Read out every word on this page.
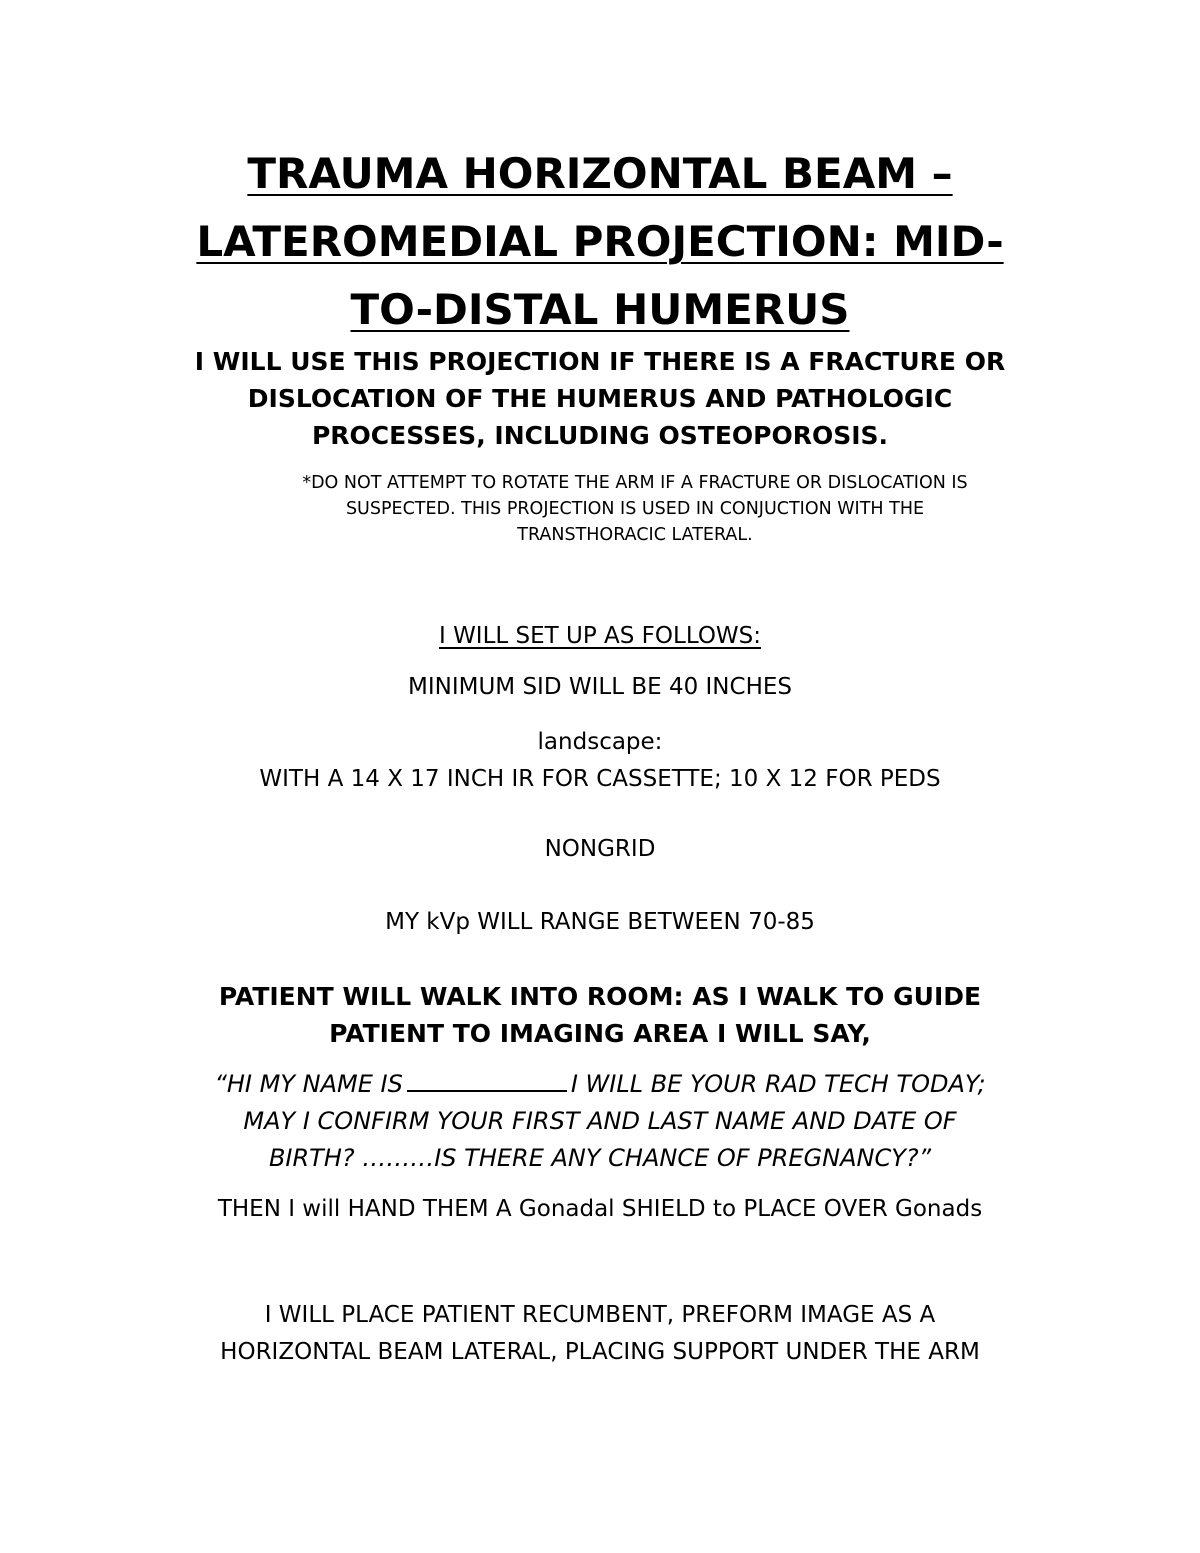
TRAUMA HORIZONTAL BEAM –
LATEROMEDIAL PROJECTION: MID-
TO-DISTAL HUMERUS
I WILL USE THIS PROJECTION IF THERE IS A FRACTURE OR
DISLOCATION OF THE HUMERUS AND PATHOLOGIC
PROCESSES, INCLUDING OSTEOPOROSIS.
*DO NOT ATTEMPT TO ROTATE THE ARM IF A FRACTURE OR DISLOCATION IS
SUSPECTED. THIS PROJECTION IS USED IN CONJUCTION WITH THE
TRANSTHORACIC LATERAL.
I WILL SET UP AS FOLLOWS:
MINIMUM SID WILL BE 40 INCHES
landscape:
WITH A 14 X 17 INCH IR FOR CASSETTE; 10 X 12 FOR PEDS
NONGRID
MY kVp WILL RANGE BETWEEN 70-85
PATIENT WILL WALK INTO ROOM: AS I WALK TO GUIDE
PATIENT TO IMAGING AREA I WILL SAY,
“HI MY NAME IS	I WILL BE YOUR RAD TECH TODAY;
MAY I CONFIRM YOUR FIRST AND LAST NAME AND DATE OF
BIRTH? ………IS THERE ANY CHANCE OF PREGNANCY?”
THEN I will HAND THEM A Gonadal SHIELD to PLACE OVER Gonads
I WILL PLACE PATIENT RECUMBENT, PREFORM IMAGE AS A
HORIZONTAL BEAM LATERAL, PLACING SUPPORT UNDER THE ARM
